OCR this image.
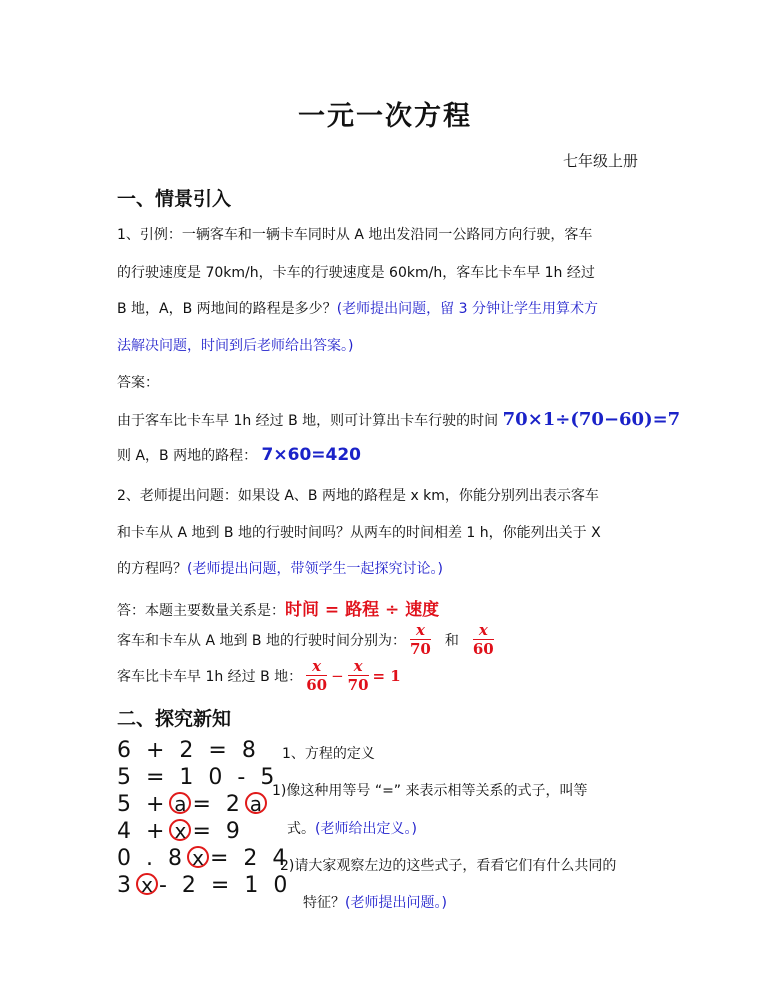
一元一次方程
七年级上册
一、情景引入
1、引例：一辆客车和一辆卡车同时从 A 地出发沿同一公路同方向行驶，客车
的行驶速度是 70km/h，卡车的行驶速度是 60km/h，客车比卡车早 1h 经过
B 地，A，B 两地间的路程是多少？(老师提出问题，留 3 分钟让学生用算术方
法解决问题，时间到后老师给出答案。)
答案：
由于客车比卡车早 1h 经过 B 地，则可计算出卡车行驶的时间 70×1÷(70−60)=7
则 A，B 两地的路程： 7×60=420
2、老师提出问题：如果设 A、B 两地的路程是 x km，你能分别列出表示客车
和卡车从 A 地到 B 地的行驶时间吗？从两车的时间相差 1 h，你能列出关于 X
的方程吗？(老师提出问题，带领学生一起探究讨论。)
答：本题主要数量关系是：时间 = 路程 ÷ 速度
客车和卡车从 A 地到 B 地的行驶时间分别为： $\frac{x}{70}$ 和 $\frac{x}{60}$
客车比卡车早 1h 经过 B 地： $\frac{x}{60} - \frac{x}{70} = 1$
二、探究新知
6 + 2 = 8
5 = 1 0 - 5
5 + a = 2 a
4 + x = 9
0 . 8 x = 2 4
3 x - 2 = 1 0
1、方程的定义
1)像这种用等号 “=” 来表示相等关系的式子，叫等
式。(老师给出定义。)
2)请大家观察左边的这些式子，看看它们有什么共同的
特征？(老师提出问题。)
